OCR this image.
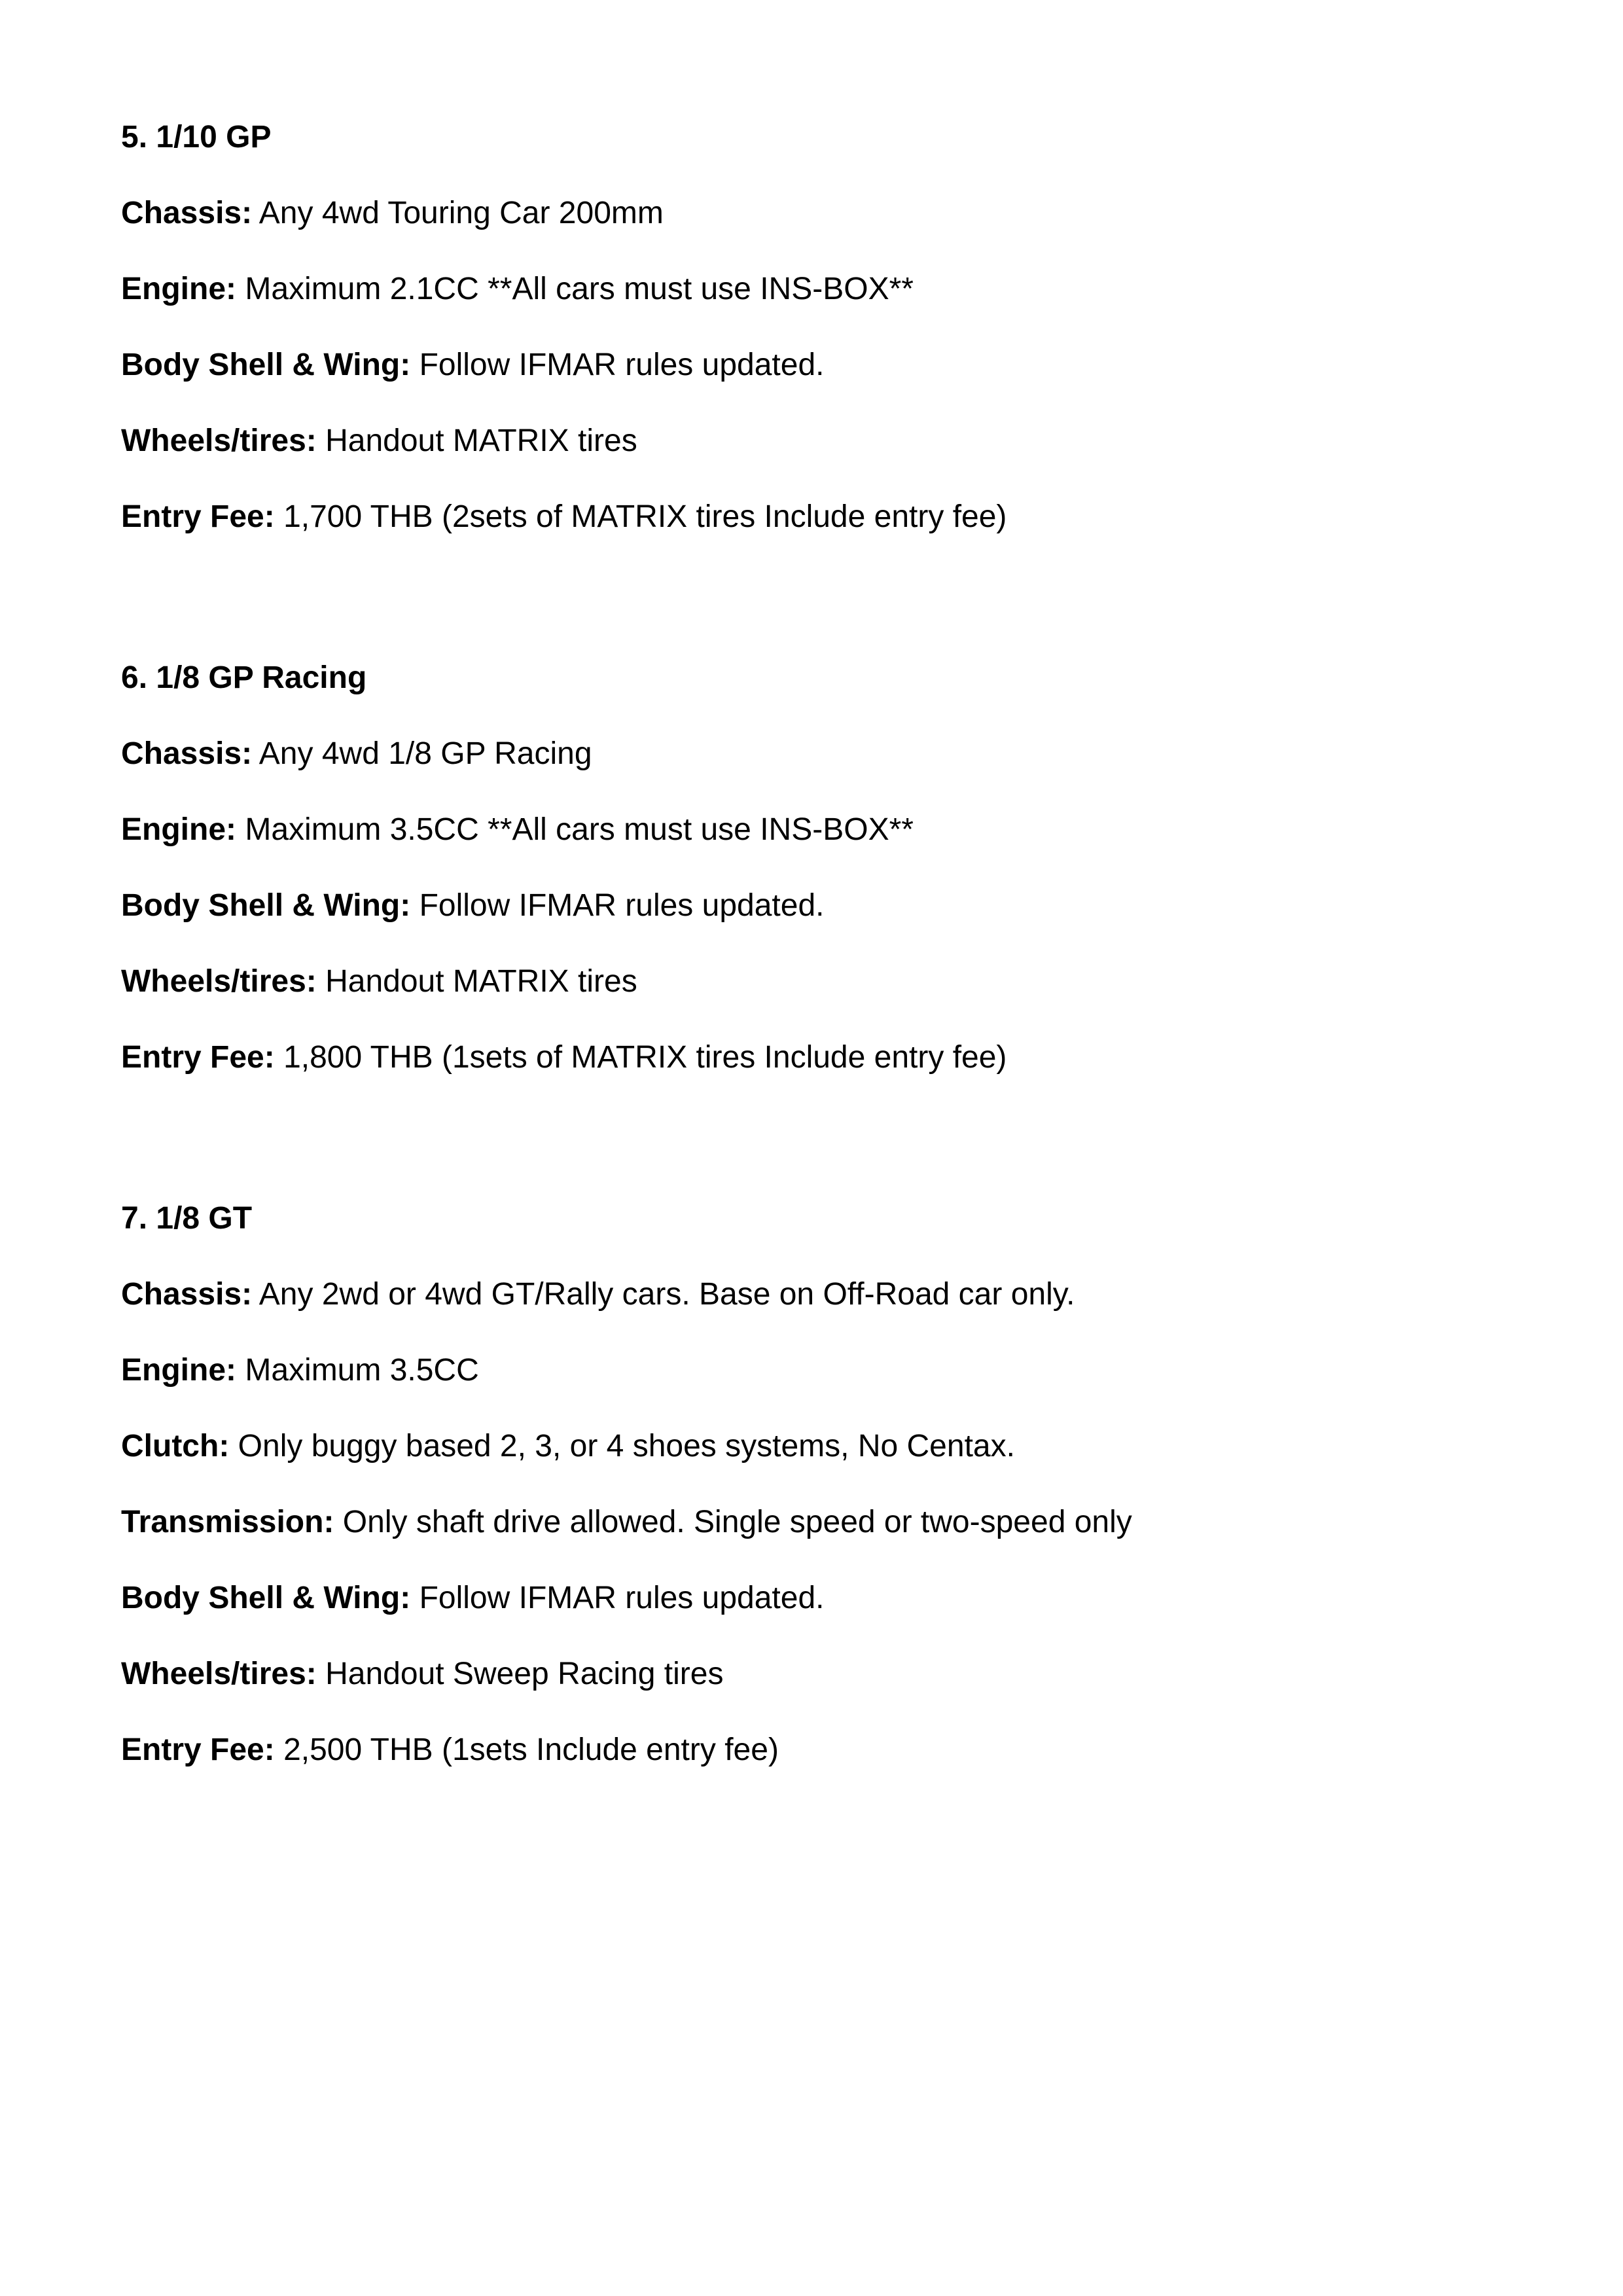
5. 1/10 GP

Chassis: Any 4wd Touring Car 200mm

Engine: Maximum 2.1CC **All cars must use INS-BOX**

Body Shell & Wing: Follow IFMAR rules updated.

Wheels/tires: Handout MATRIX tires

Entry Fee: 1,700 THB (2sets of MATRIX tires Include entry fee)

6. 1/8 GP Racing

Chassis: Any 4wd 1/8 GP Racing

Engine: Maximum 3.5CC **All cars must use INS-BOX**

Body Shell & Wing: Follow IFMAR rules updated.

Wheels/tires: Handout MATRIX tires

Entry Fee: 1,800 THB (1sets of MATRIX tires Include entry fee)

7. 1/8 GT

Chassis: Any 2wd or 4wd GT/Rally cars. Base on Off-Road car only.

Engine: Maximum 3.5CC

Clutch: Only buggy based 2, 3, or 4 shoes systems, No Centax.

Transmission: Only shaft drive allowed. Single speed or two-speed only

Body Shell & Wing: Follow IFMAR rules updated.

Wheels/tires: Handout Sweep Racing tires

Entry Fee: 2,500 THB (1sets Include entry fee)
